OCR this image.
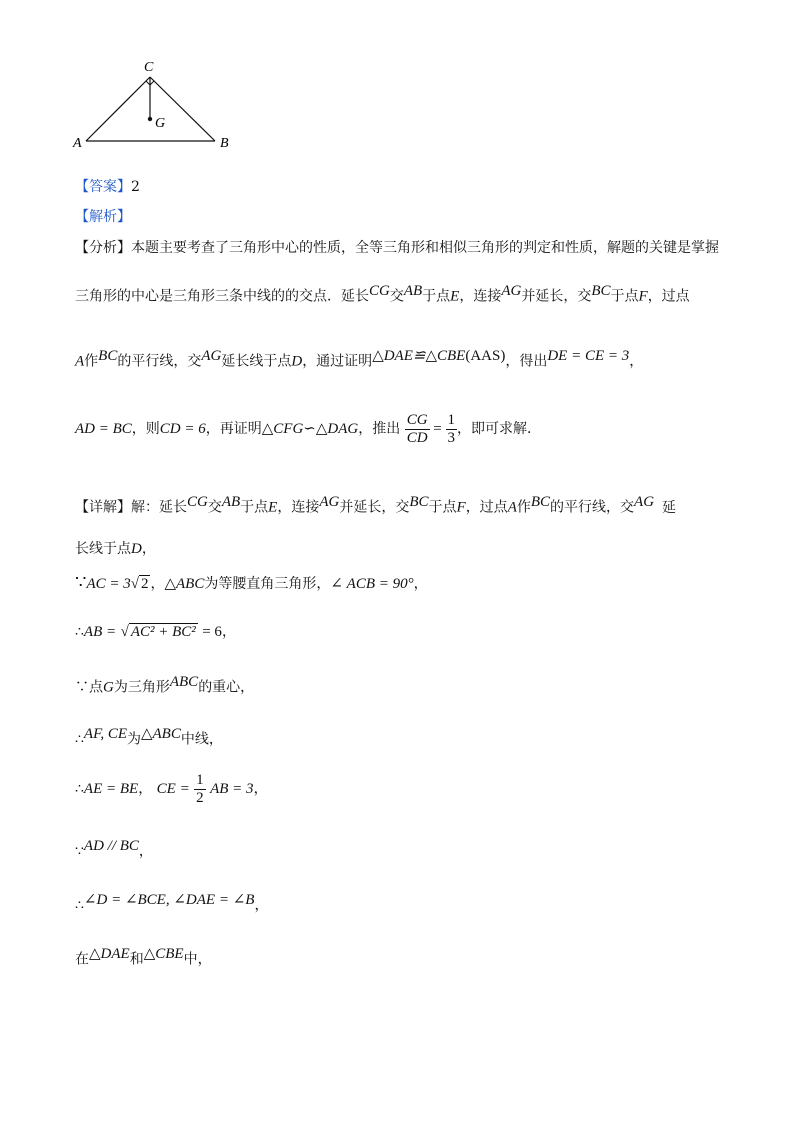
C
G
A	B
【答案】2
【解析】
【分析】本题主要考查了三角形中心的性质，全等三角形和相似三角形的判定和性质，解题的关键是掌握
三角形的中心是三角形三条中线的的交点．延长$^{CG}$交$^{AB}$于点E，连接$^{AG}$并延长，交$^{BC}$于点F，过点
A作$^{BC}$的平行线，交$^{AG}$延长线于点D，通过证明$^{\triangle DAE≌\triangle CBE(AAS)}$，得出$^{DE = CE = 3}$，
AD = BC，则CD = 6，再证明△CFG∽△DAG，推出 $\frac{CG}{CD} = \frac{1}{3}$ ，即可求解．
【详解】解：延长$^{CG}$交$^{AB}$于点E，连接$^{AG}$并延长，交$^{BC}$于点F，过点A作$^{BC}$的平行线，交$^{AG}$ 延
长线于点D，
∵AC = 3√ 2 ，△ABC为等腰直角三角形，∠ ACB = 90°，
∴AB = √ AC² + BC² = 6，
∵点G为三角形$^{ABC}$的重心，
∴$^{AF, CE}$为$^{\triangle ABC}$中线，
∴AE = BE， CE = $\frac{1}{2}$ AB = 3，
∵$^{AD // BC}$，
∴$^{\angle D = \angle BCE, \angle DAE = \angle B}$，
在$^{\triangle DAE}$和$^{\triangle CBE}$中，
